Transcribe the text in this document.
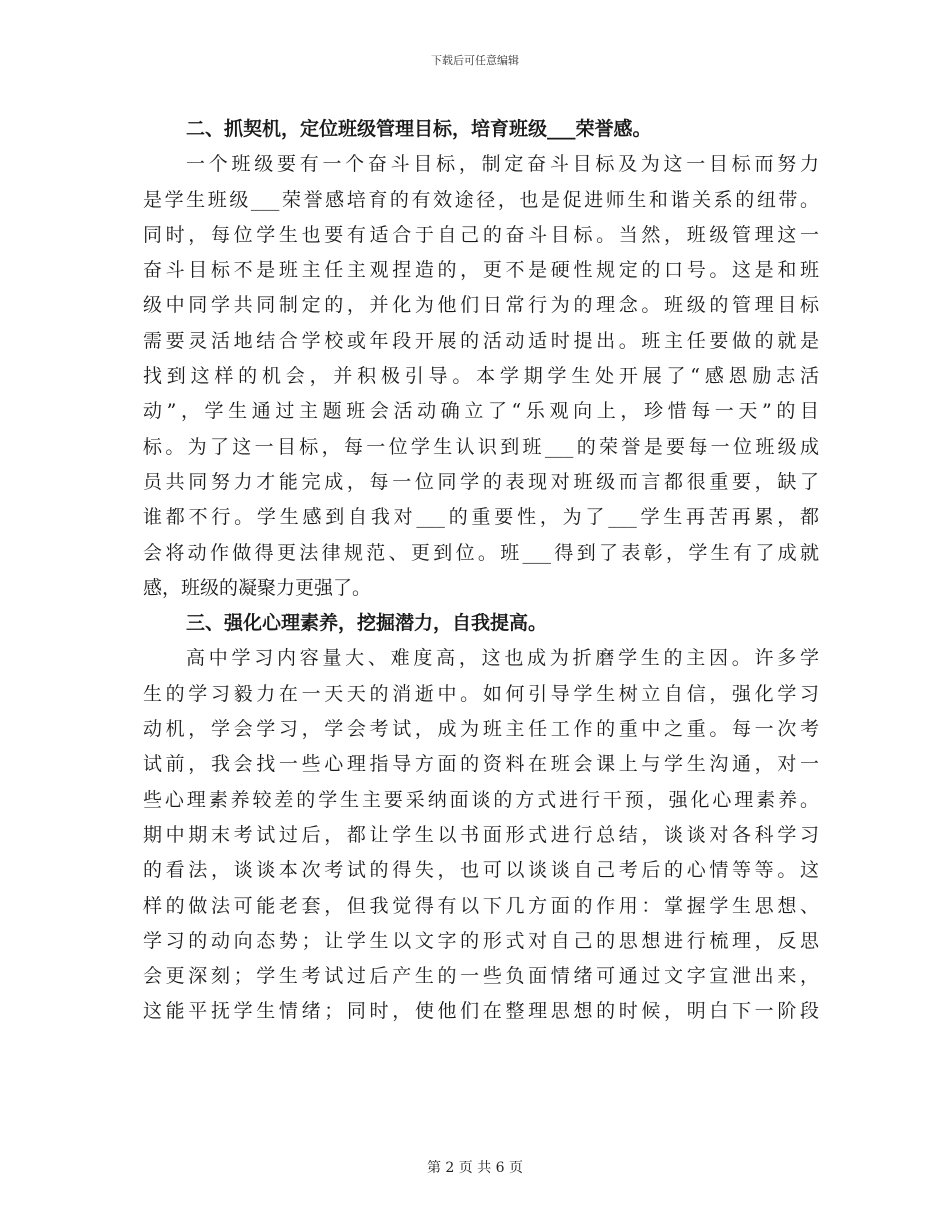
下载后可任意编辑
二、抓契机，定位班级管理目标，培育班级___荣誉感。
一个班级要有一个奋斗目标，制定奋斗目标及为这一目标而努力
是学生班级___荣誉感培育的有效途径，也是促进师生和谐关系的纽带。
同时，每位学生也要有适合于自己的奋斗目标。当然，班级管理这一
奋斗目标不是班主任主观捏造的，更不是硬性规定的口号。这是和班
级中同学共同制定的，并化为他们日常行为的理念。班级的管理目标
需要灵活地结合学校或年段开展的活动适时提出。班主任要做的就是
找到这样的机会，并积极引导。本学期学生处开展了“感恩励志活
动”，学生通过主题班会活动确立了“乐观向上，珍惜每一天”的目
标。为了这一目标，每一位学生认识到班___的荣誉是要每一位班级成
员共同努力才能完成，每一位同学的表现对班级而言都很重要，缺了
谁都不行。学生感到自我对___的重要性，为了___学生再苦再累，都
会将动作做得更法律规范、更到位。班___得到了表彰，学生有了成就
感，班级的凝聚力更强了。
三、强化心理素养，挖掘潜力，自我提高。
高中学习内容量大、难度高，这也成为折磨学生的主因。许多学
生的学习毅力在一天天的消逝中。如何引导学生树立自信，强化学习
动机，学会学习，学会考试，成为班主任工作的重中之重。每一次考
试前，我会找一些心理指导方面的资料在班会课上与学生沟通，对一
些心理素养较差的学生主要采纳面谈的方式进行干预，强化心理素养。
期中期末考试过后，都让学生以书面形式进行总结，谈谈对各科学习
的看法，谈谈本次考试的得失，也可以谈谈自己考后的心情等等。这
样的做法可能老套，但我觉得有以下几方面的作用：掌握学生思想、
学习的动向态势；让学生以文字的形式对自己的思想进行梳理，反思
会更深刻；学生考试过后产生的一些负面情绪可通过文字宣泄出来，
这能平抚学生情绪；同时，使他们在整理思想的时候，明白下一阶段
第 2 页 共 6 页
